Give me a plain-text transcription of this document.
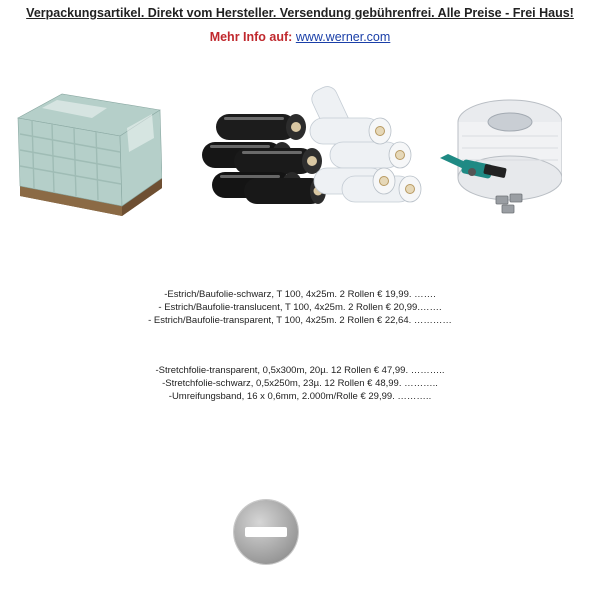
Verpackungsartikel. Direkt vom Hersteller. Versendung gebührenfrei. Alle Preise - Frei Haus!
Mehr Info auf: www.werner.com
-Estrich/Baufolie-schwarz, T 100, 4x25m. 2 Rollen € 19,99. …….
- Estrich/Baufolie-translucent, T 100, 4x25m. 2 Rollen € 20,99.…….
- Estrich/Baufolie-transparent, T 100, 4x25m. 2 Rollen € 22,64. …………
-Stretchfolie-transparent, 0,5x300m, 20µ. 12 Rollen € 47,99. ………..
-Stretchfolie-schwarz, 0,5x250m, 23µ. 12 Rollen € 48,99. ………..
-Umreifungsband, 16 x 0,6mm, 2.000m/Rolle € 29,99. ………..
